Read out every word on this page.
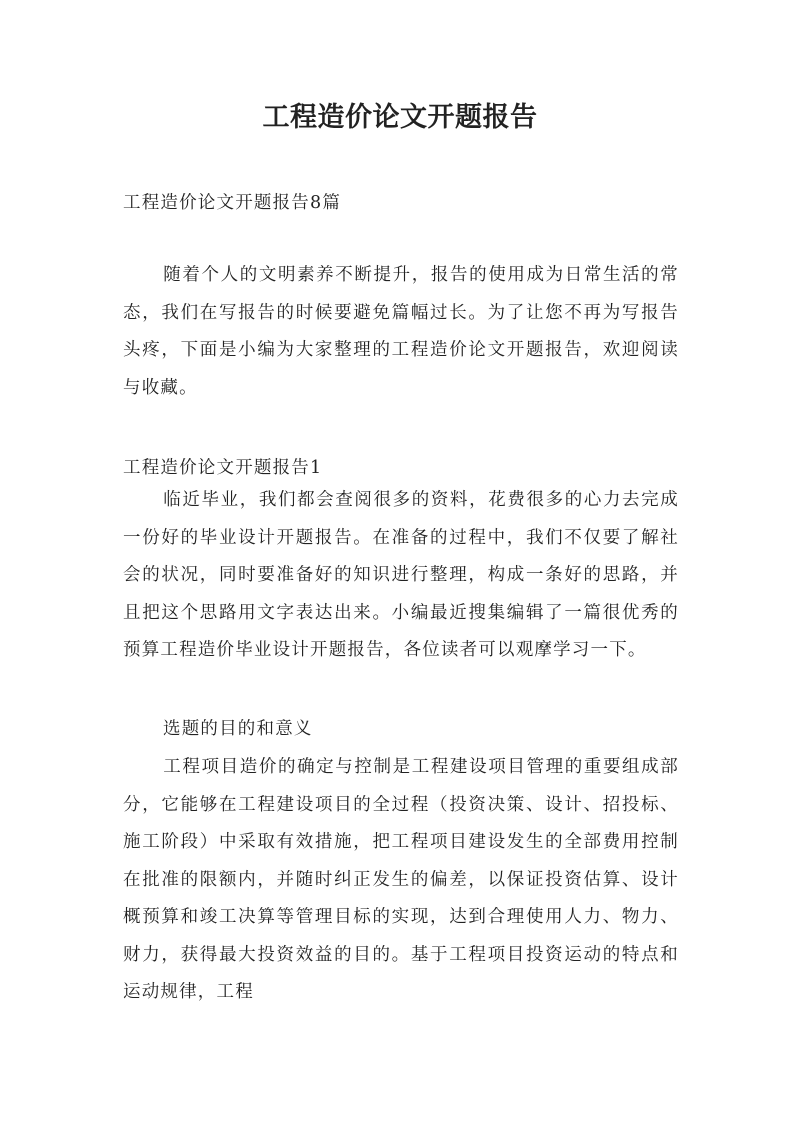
工程造价论文开题报告

工程造价论文开题报告8篇

随着个人的文明素养不断提升，报告的使用成为日常生活的常态，我们在写报告的时候要避免篇幅过长。为了让您不再为写报告头疼，下面是小编为大家整理的工程造价论文开题报告，欢迎阅读与收藏。

工程造价论文开题报告1

临近毕业，我们都会查阅很多的资料，花费很多的心力去完成一份好的毕业设计开题报告。在准备的过程中，我们不仅要了解社会的状况，同时要准备好的知识进行整理，构成一条好的思路，并且把这个思路用文字表达出来。小编最近搜集编辑了一篇很优秀的预算工程造价毕业设计开题报告，各位读者可以观摩学习一下。

选题的目的和意义

工程项目造价的确定与控制是工程建设项目管理的重要组成部分，它能够在工程建设项目的全过程（投资决策、设计、招投标、施工阶段）中采取有效措施，把工程项目建设发生的全部费用控制在批准的限额内，并随时纠正发生的偏差，以保证投资估算、设计概预算和竣工决算等管理目标的实现，达到合理使用人力、物力、财力，获得最大投资效益的目的。基于工程项目投资运动的特点和运动规律，工程
